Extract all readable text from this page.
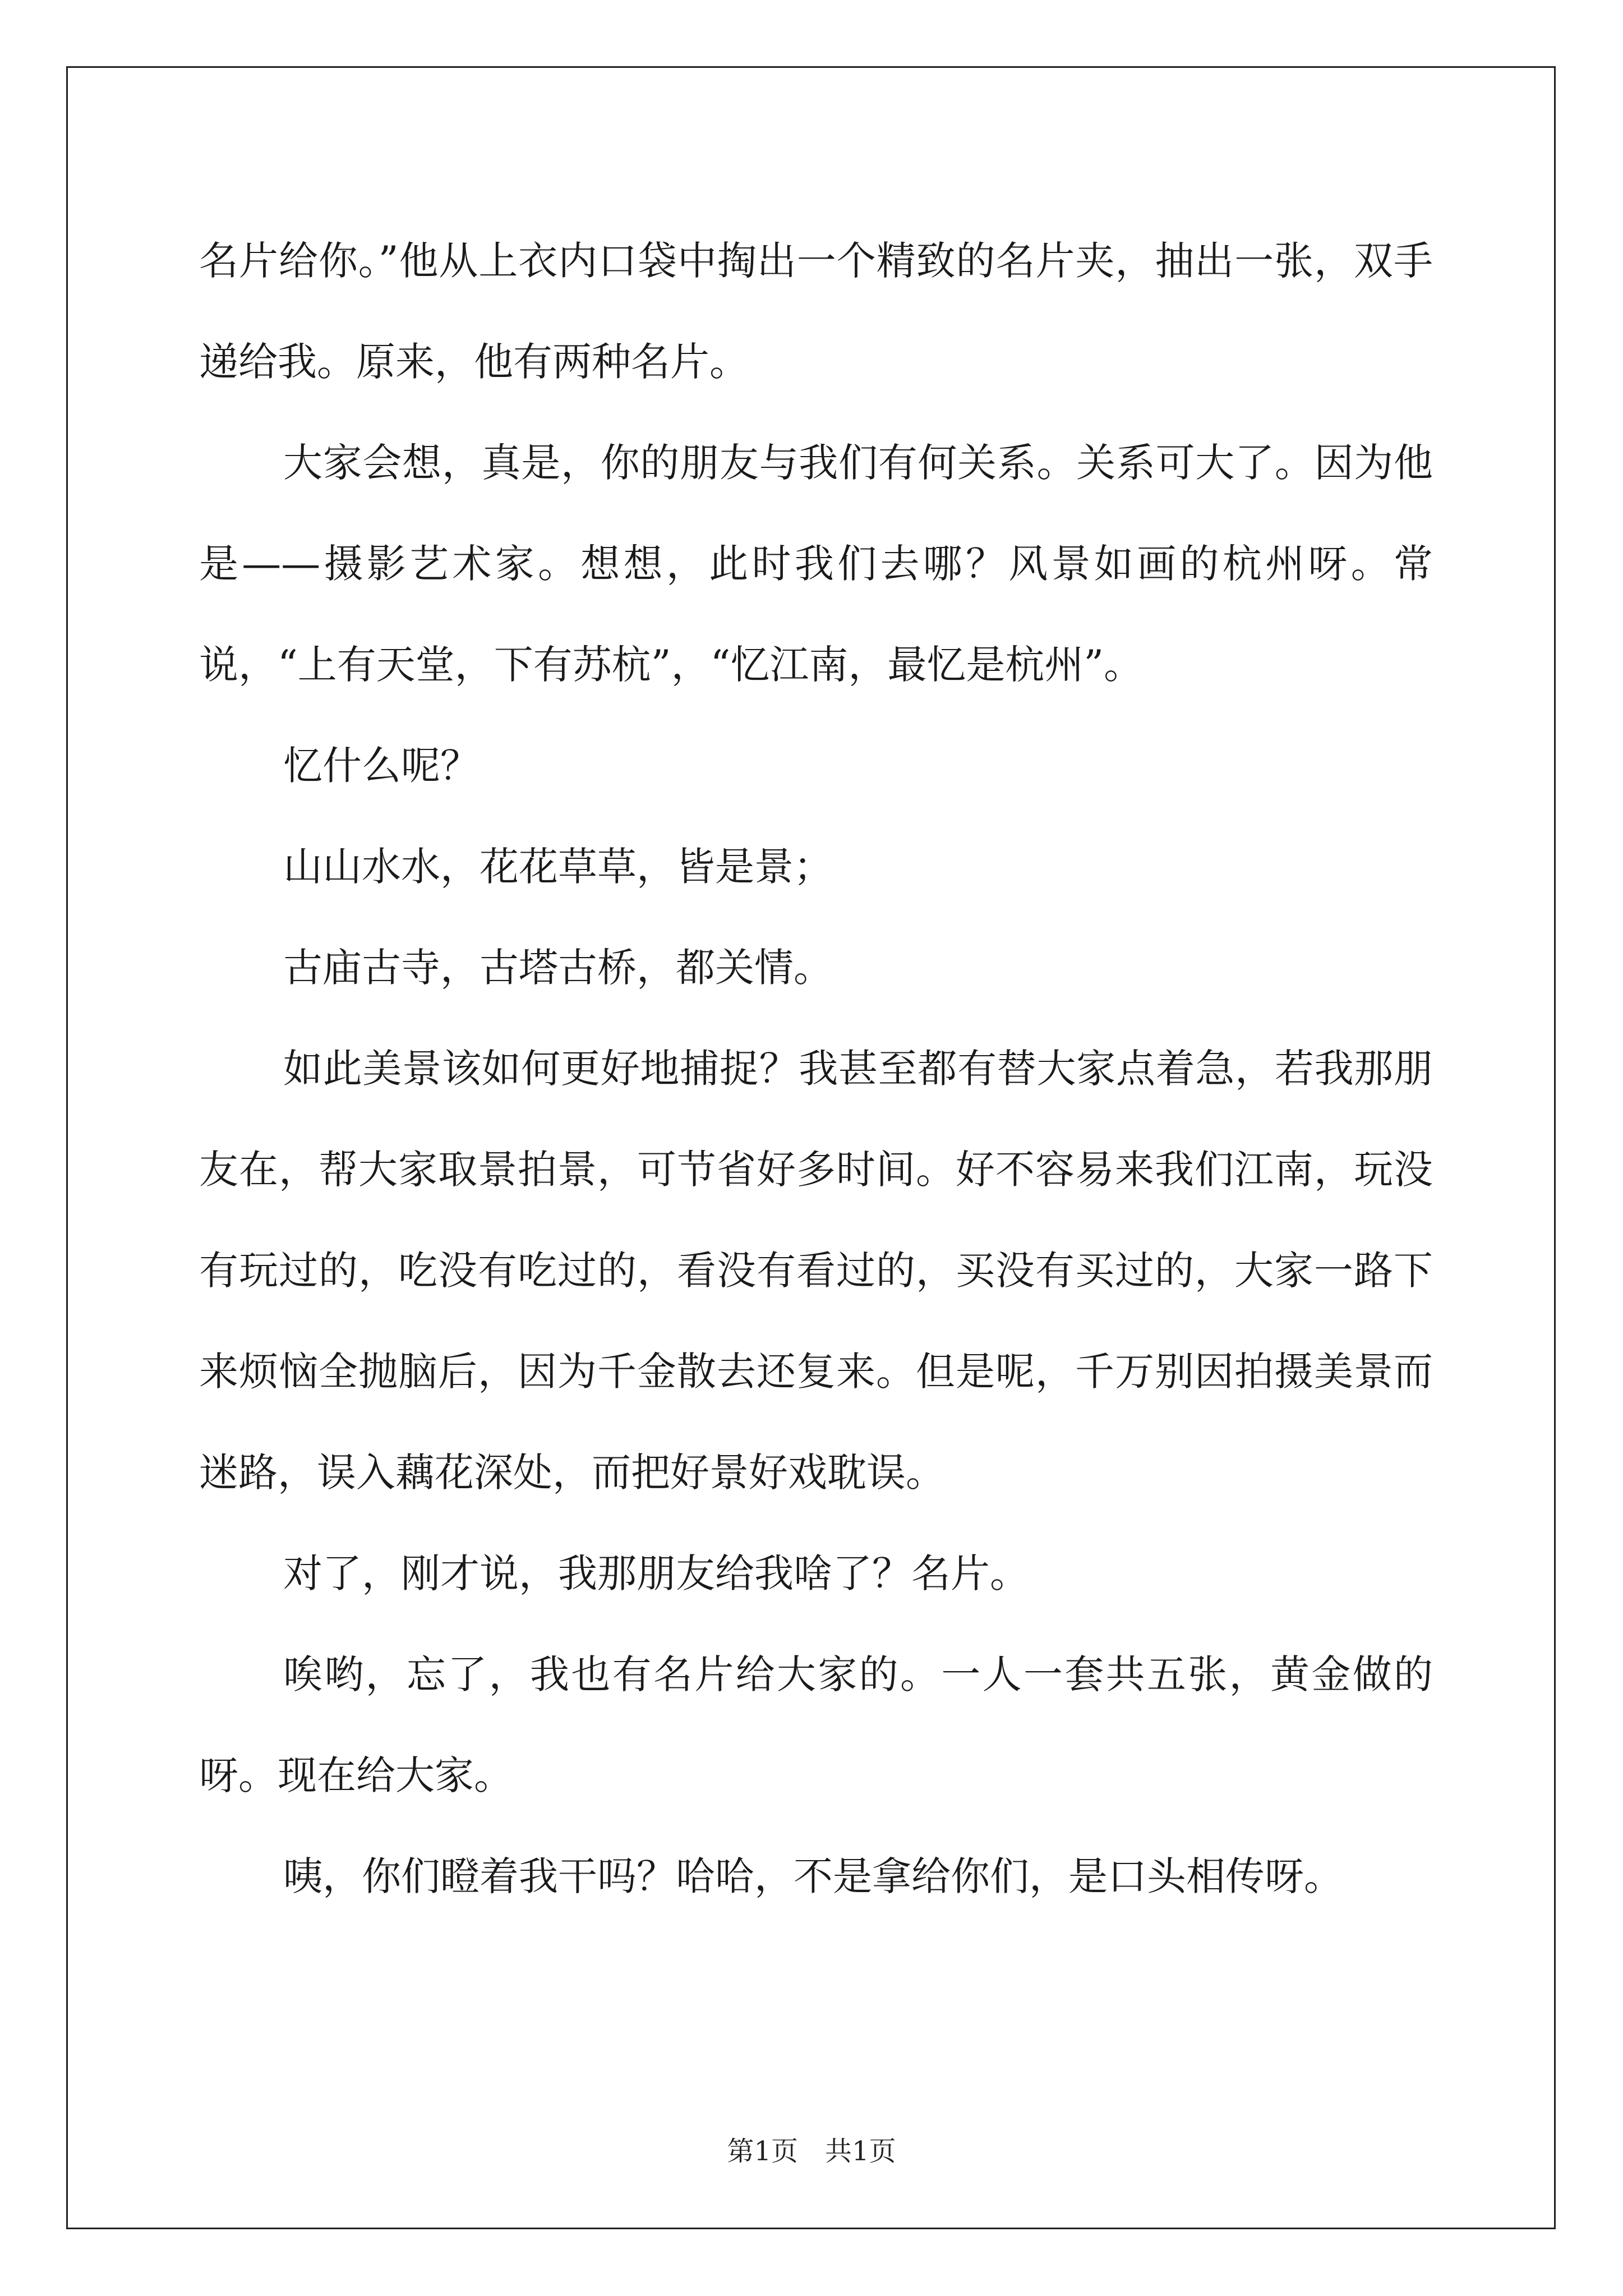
名片给你。”他从上衣内口袋中掏出一个精致的名片夹，抽出一张，双手递给我。原来，他有两种名片。

大家会想，真是，你的朋友与我们有何关系。关系可大了。因为他是——摄影艺术家。想想，此时我们去哪？风景如画的杭州呀。常说，“上有天堂，下有苏杭”，“忆江南，最忆是杭州”。

忆什么呢？

山山水水，花花草草，皆是景；

古庙古寺，古塔古桥，都关情。

如此美景该如何更好地捕捉？我甚至都有替大家点着急，若我那朋友在，帮大家取景拍景，可节省好多时间。好不容易来我们江南，玩没有玩过的，吃没有吃过的，看没有看过的，买没有买过的，大家一路下来烦恼全抛脑后，因为千金散去还复来。但是呢，千万别因拍摄美景而迷路，误入藕花深处，而把好景好戏耽误。

对了，刚才说，我那朋友给我啥了？名片。

唉哟，忘了，我也有名片给大家的。一人一套共五张，黄金做的呀。现在给大家。

咦，你们瞪着我干吗？哈哈，不是拿给你们，是口头相传呀。

第1页　共1页
